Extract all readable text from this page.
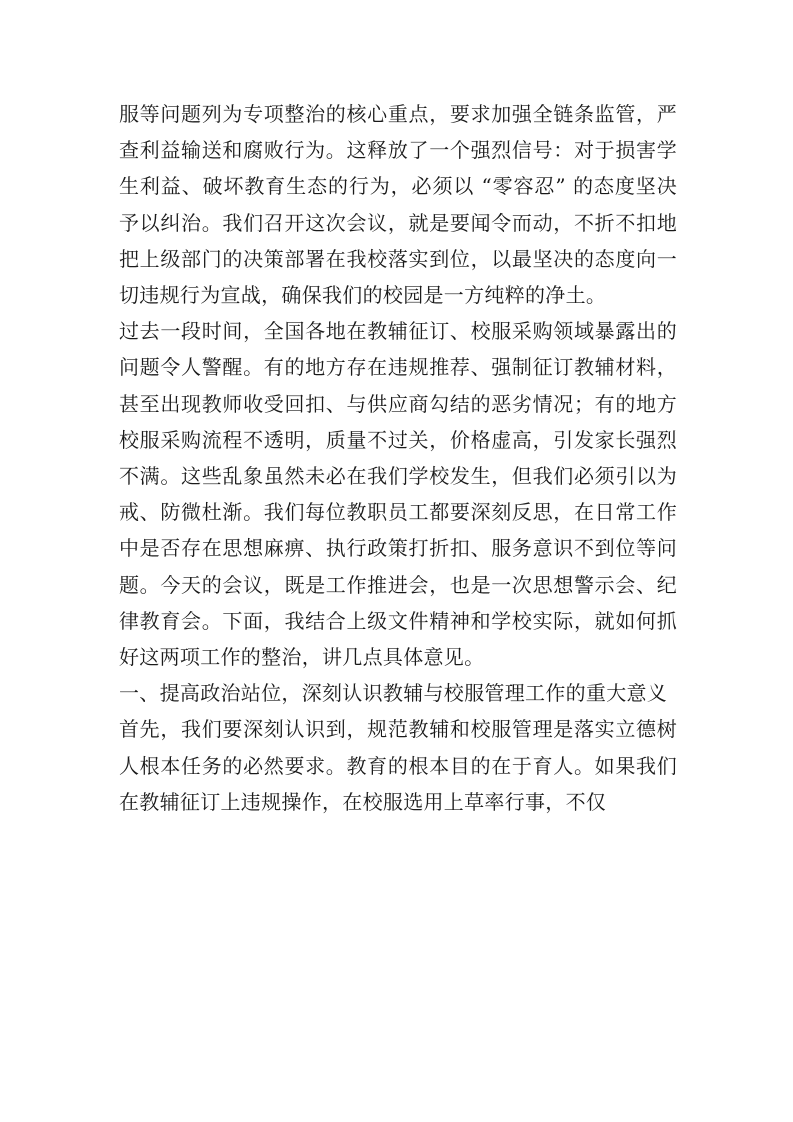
服等问题列为专项整治的核心重点，要求加强全链条监管，严查利益输送和腐败行为。这释放了一个强烈信号：对于损害学生利益、破坏教育生态的行为，必须以 “零容忍” 的态度坚决予以纠治。我们召开这次会议，就是要闻令而动，不折不扣地把上级部门的决策部署在我校落实到位，以最坚决的态度向一切违规行为宣战，确保我们的校园是一方纯粹的净土。

过去一段时间，全国各地在教辅征订、校服采购领域暴露出的问题令人警醒。有的地方存在违规推荐、强制征订教辅材料，甚至出现教师收受回扣、与供应商勾结的恶劣情况；有的地方校服采购流程不透明，质量不过关，价格虚高，引发家长强烈不满。这些乱象虽然未必在我们学校发生，但我们必须引以为戒、防微杜渐。我们每位教职员工都要深刻反思，在日常工作中是否存在思想麻痹、执行政策打折扣、服务意识不到位等问题。今天的会议，既是工作推进会，也是一次思想警示会、纪律教育会。下面，我结合上级文件精神和学校实际，就如何抓好这两项工作的整治，讲几点具体意见。

一、提高政治站位，深刻认识教辅与校服管理工作的重大意义

首先，我们要深刻认识到，规范教辅和校服管理是落实立德树人根本任务的必然要求。教育的根本目的在于育人。如果我们在教辅征订上违规操作，在校服选用上草率行事，不仅
